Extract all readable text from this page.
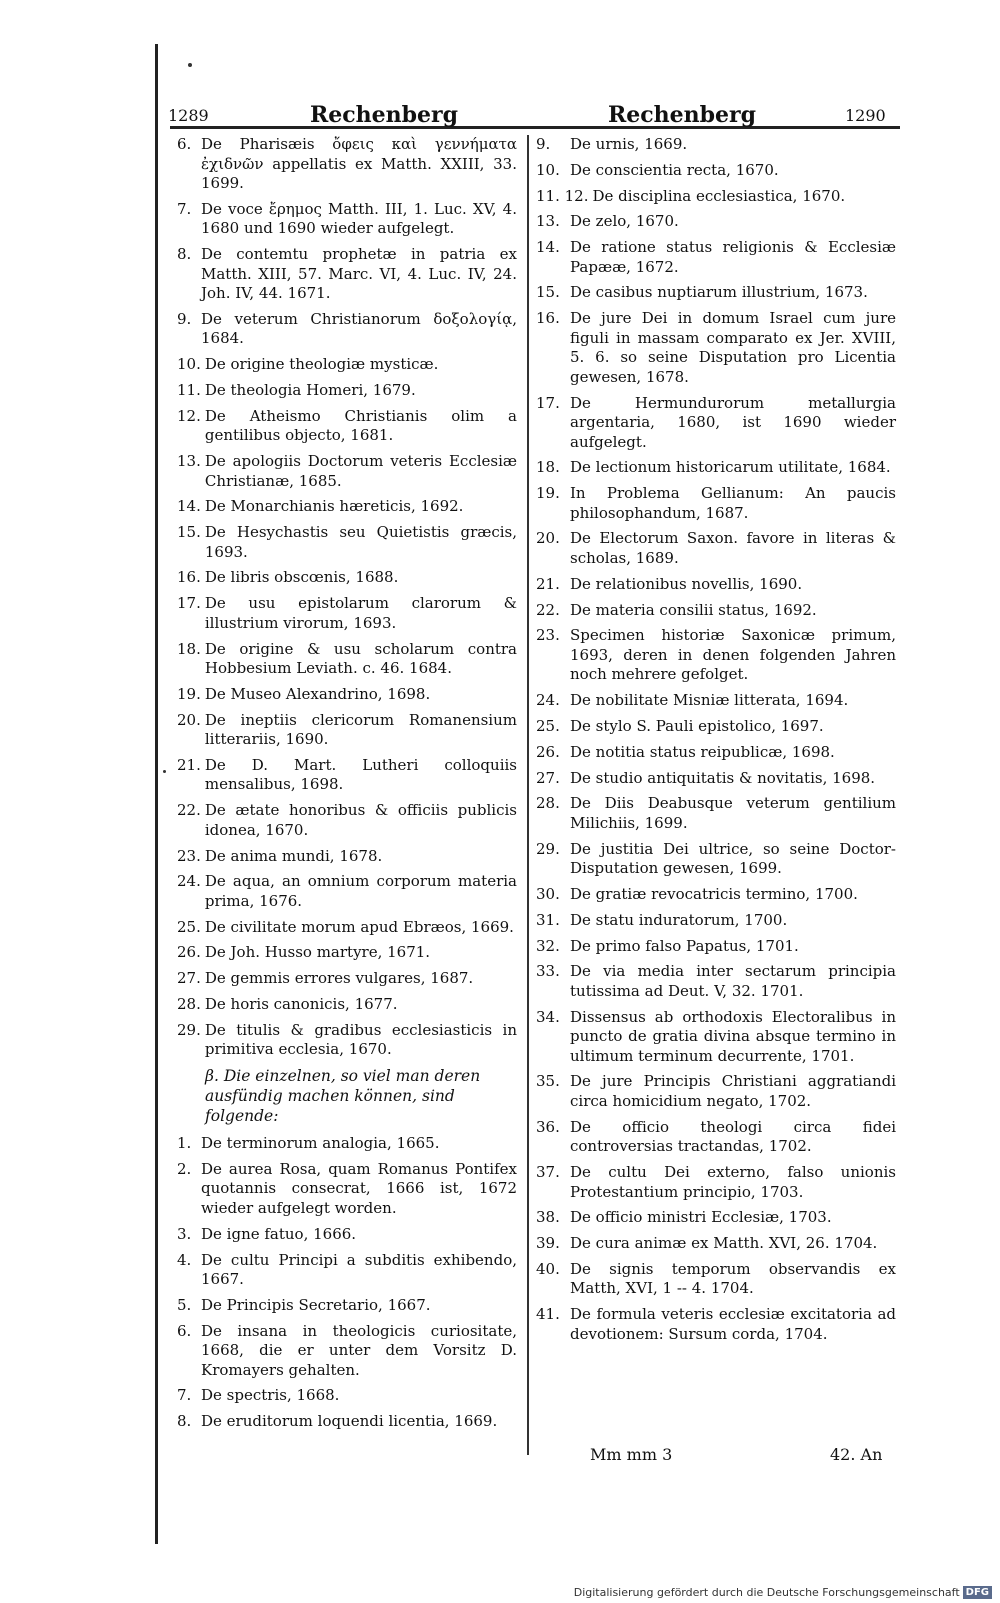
1289	Rechenberg	Rechenberg	1290
6. De Pharisæis ὄφεις καὶ γεννήματα ἐχιδνῶν appellatis ex Matth. XXIII, 33. 1699.
7. De voce ἔρημος Matth. III, 1. Luc. XV, 4. 1680 und 1690 wieder aufgelegt.
8. De contemtu prophetæ in patria ex Matth. XIII, 57. Marc. VI, 4. Luc. IV, 24. Joh. IV, 44. 1671.
9. De veterum Christianorum δοξολογίᾳ, 1684.
10. De origine theologiæ mysticæ.
11. De theologia Homeri, 1679.
12. De Atheismo Christianis olim a gentilibus objecto, 1681.
13. De apologiis Doctorum veteris Ecclesiæ Christianæ, 1685.
14. De Monarchianis hæreticis, 1692.
15. De Hesychastis seu Quietistis græcis, 1693.
16. De libris obscœnis, 1688.
17. De usu epistolarum clarorum & illustrium virorum, 1693.
18. De origine & usu scholarum contra Hobbesium Leviath. c. 46. 1684.
19. De Museo Alexandrino, 1698.
20. De ineptiis clericorum Romanensium litterariis, 1690.
21. De D. Mart. Lutheri colloquiis mensalibus, 1698.
22. De ætate honoribus & officiis publicis idonea, 1670.
23. De anima mundi, 1678.
24. De aqua, an omnium corporum materia prima, 1676.
25. De civilitate morum apud Ebræos, 1669.
26. De Joh. Husso martyre, 1671.
27. De gemmis errores vulgares, 1687.
28. De horis canonicis, 1677.
29. De titulis & gradibus ecclesiasticis in primitiva ecclesia, 1670.
β. Die einzelnen, so viel man deren ausfündig machen können, sind folgende:
1. De terminorum analogia, 1665.
2. De aurea Rosa, quam Romanus Pontifex quotannis consecrat, 1666 ist, 1672 wieder aufgelegt worden.
3. De igne fatuo, 1666.
4. De cultu Principi a subditis exhibendo, 1667.
5. De Principis Secretario, 1667.
6. De insana in theologicis curiositate, 1668, die er unter dem Vorsitz D. Kromayers gehalten.
7. De spectris, 1668.
8. De eruditorum loquendi licentia, 1669.
9.	De urnis, 1669.
10. De conscientia recta, 1670.
11. 12. De disciplina ecclesiastica, 1670.
13. De zelo, 1670.
14. De ratione status religionis & Ecclesiæ Papææ, 1672.
15. De casibus nuptiarum illustrium, 1673.
16. De jure Dei in domum Israel cum jure figuli in massam comparato ex Jer. XVIII, 5. 6. so seine Disputation pro Licentia gewesen, 1678.
17. De Hermundurorum metallurgia argentaria, 1680, ist 1690 wieder aufgelegt.
18. De lectionum historicarum utilitate, 1684.
19. In Problema Gellianum: An paucis philosophandum, 1687.
20. De Electorum Saxon. favore in literas & scholas, 1689.
21. De relationibus novellis, 1690.
22. De materia consilii status, 1692.
23. Specimen historiæ Saxonicæ primum, 1693, deren in denen folgenden Jahren noch mehrere gefolget.
24. De nobilitate Misniæ litterata, 1694.
25. De stylo S. Pauli epistolico, 1697.
26. De notitia status reipublicæ, 1698.
27. De studio antiquitatis & novitatis, 1698.
28. De Diis Deabusque veterum gentilium Milichiis, 1699.
29. De justitia Dei ultrice, so seine Doctor-Disputation gewesen, 1699.
30. De gratiæ revocatricis termino, 1700.
31. De statu induratorum, 1700.
32. De primo falso Papatus, 1701.
33. De via media inter sectarum principia tutissima ad Deut. V, 32. 1701.
34. Dissensus ab orthodoxis Electoralibus in puncto de gratia divina absque termino in ultimum terminum decurrente, 1701.
35. De jure Principis Christiani aggratiandi circa homicidium negato, 1702.
36. De officio theologi circa fidei controversias tractandas, 1702.
37. De cultu Dei externo, falso unionis Protestantium principio, 1703.
38. De officio ministri Ecclesiæ, 1703.
39. De cura animæ ex Matth. XVI, 26. 1704.
40. De signis temporum observandis ex Matth, XVI, 1 -- 4. 1704.
41. De formula veteris ecclesiæ excitatoria ad devotionem: Sursum corda, 1704.
Mm mm 3	42. An
Digitalisierung gefördert durch die Deutsche Forschungsgemeinschaft DFG
